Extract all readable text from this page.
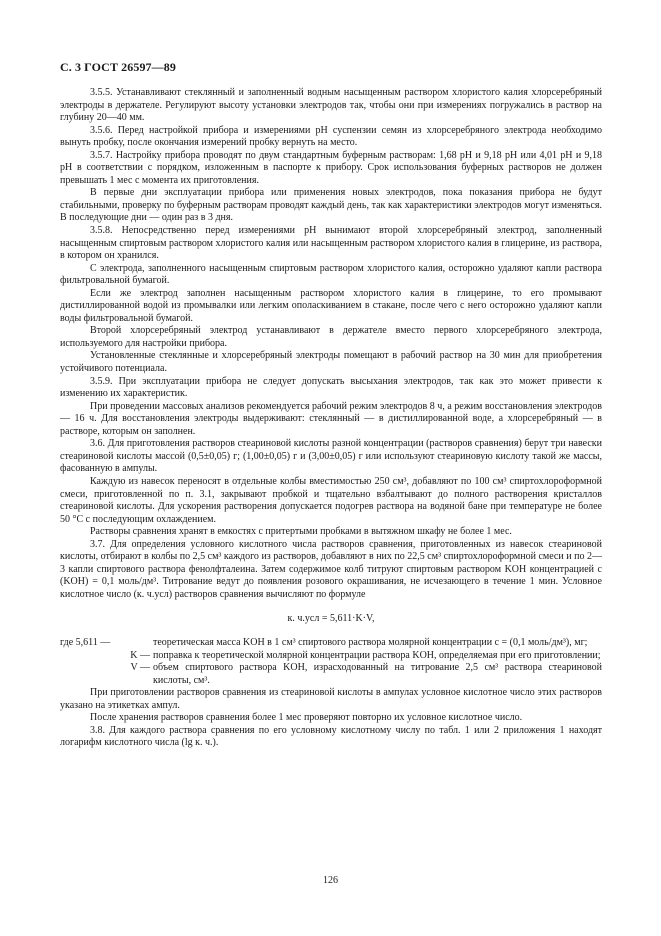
С. 3 ГОСТ 26597—89

3.5.5. Устанавливают стеклянный и заполненный водным насыщенным раствором хлористого калия хлорсеребряный электроды в держателе. Регулируют высоту установки электродов так, чтобы они при измерениях погружались в раствор на глубину 20—40 мм.

3.5.6. Перед настройкой прибора и измерениями pH суспензии семян из хлорсеребряного электрода необходимо вынуть пробку, после окончания измерений пробку вернуть на место.

3.5.7. Настройку прибора проводят по двум стандартным буферным растворам: 1,68 pH и 9,18 pH или 4,01 pH и 9,18 pH в соответствии с порядком, изложенным в паспорте к прибору. Срок использования буферных растворов не должен превышать 1 мес с момента их приготовления.

В первые дни эксплуатации прибора или применения новых электродов, пока показания прибора не будут стабильными, проверку по буферным растворам проводят каждый день, так как характеристики электродов могут изменяться. В последующие дни — один раз в 3 дня.

3.5.8. Непосредственно перед измерениями pH вынимают второй хлорсеребряный электрод, заполненный насыщенным спиртовым раствором хлористого калия или насыщенным раствором хлористого калия в глицерине, из раствора, в котором он хранился.

С электрода, заполненного насыщенным спиртовым раствором хлористого калия, осторожно удаляют капли раствора фильтровальной бумагой.

Если же электрод заполнен насыщенным раствором хлористого калия в глицерине, то его промывают дистиллированной водой из промывалки или легким ополаскиванием в стакане, после чего с него осторожно удаляют капли воды фильтровальной бумагой.

Второй хлорсеребряный электрод устанавливают в держателе вместо первого хлорсеребряного электрода, используемого для настройки прибора.

Установленные стеклянные и хлорсеребряный электроды помещают в рабочий раствор на 30 мин для приобретения устойчивого потенциала.

3.5.9. При эксплуатации прибора не следует допускать высыхания электродов, так как это может привести к изменению их характеристик.

При проведении массовых анализов рекомендуется рабочий режим электродов 8 ч, а режим восстановления электродов — 16 ч. Для восстановления электроды выдерживают: стеклянный — в дистиллированной воде, а хлорсеребряный — в растворе, которым он заполнен.

3.6. Для приготовления растворов стеариновой кислоты разной концентрации (растворов сравнения) берут три навески стеариновой кислоты массой (0,5±0,05) г; (1,00±0,05) г и (3,00±0,05) г или используют стеариновую кислоту такой же массы, фасованную в ампулы.

Каждую из навесок переносят в отдельные колбы вместимостью 250 см³, добавляют по 100 см³ спиртохлороформной смеси, приготовленной по п. 3.1, закрывают пробкой и тщательно взбалтывают до полного растворения кристаллов стеариновой кислоты. Для ускорения растворения допускается подогрев раствора на водяной бане при температуре не более 50 °С с последующим охлаждением.

Растворы сравнения хранят в емкостях с притертыми пробками в вытяжном шкафу не более 1 мес.

3.7. Для определения условного кислотного числа растворов сравнения, приготовленных из навесок стеариновой кислоты, отбирают в колбы по 2,5 см³ каждого из растворов, добавляют в них по 22,5 см³ спиртохлороформной смеси и по 2—3 капли спиртового раствора фенолфталеина. Затем содержимое колб титруют спиртовым раствором KOH концентрацией c (KOH) = 0,1 моль/дм³. Титрование ведут до появления розового окрашивания, не исчезающего в течение 1 мин. Условное кислотное число (к. ч.усл) растворов сравнения вычисляют по формуле

к. ч.усл = 5,611·K·V,

где 5,611 —	теоретическая масса KOH в 1 см³ спиртового раствора молярной концентрации c = (0,1 моль/дм³), мг;
K — поправка к теоретической молярной концентрации раствора KOH, определяемая при его приготовлении;
V — объем спиртового раствора KOH, израсходованный на титрование 2,5 см³ раствора стеариновой кислоты, см³.

При приготовлении растворов сравнения из стеариновой кислоты в ампулах условное кислотное число этих растворов указано на этикетках ампул.

После хранения растворов сравнения более 1 мес проверяют повторно их условное кислотное число.

3.8. Для каждого раствора сравнения по его условному кислотному числу по табл. 1 или 2 приложения 1 находят логарифм кислотного числа (lg к. ч.).

126
